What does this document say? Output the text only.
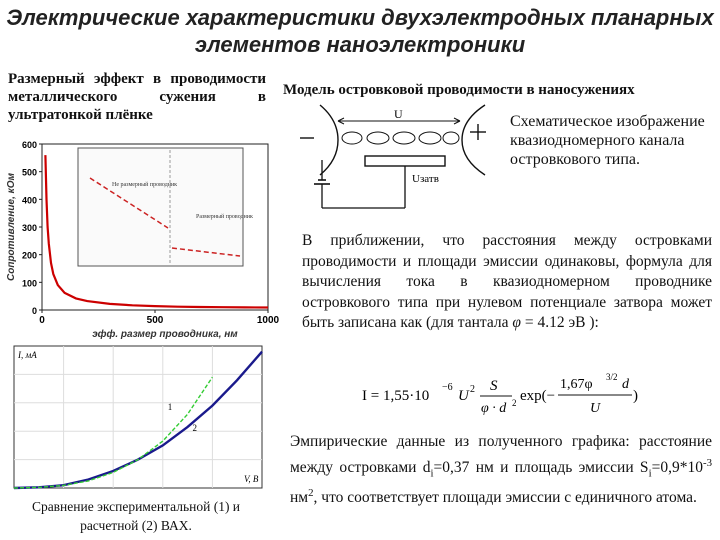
Электрические характеристики двухэлектродных планарных
элементов наноэлектроники
Размерный эффект в проводимости металлического сужения в ультратонкой плёнке
0
100
200
300
400
500
600
0	500	1000
эфф. размер проводника, нм
Сопротивление, кОм	Не размерный проводник
Размерный проводник
V, В
I, мА
1
2
Сравнение экспериментальной (1) и расчетной (2) ВАХ.
Модель островковой проводимости в наносужениях
U
Uзатв
Схематическое изображение квазиодномерного канала островкового типа.
В приближении, что расстояния между островками проводимости и площади эмиссии одинаковы, формула для вычисления тока в квазиодномерном проводнике островкового типа при нулевом потенциале затвора может быть записана как (для тантала φ = 4.12 эВ ):
I = 1,55·10
−6
U 2 S
φ · d 2 exp(−
1,67φ 3/2 d
U
)
Эмпирические данные из полученного графика: расстояние между островками $d_i=0,37$ нм и площадь эмиссии $S_i=0,9*10^{-3}$ $нм^2$, что соответствует площади эмиссии с единичного атома.
